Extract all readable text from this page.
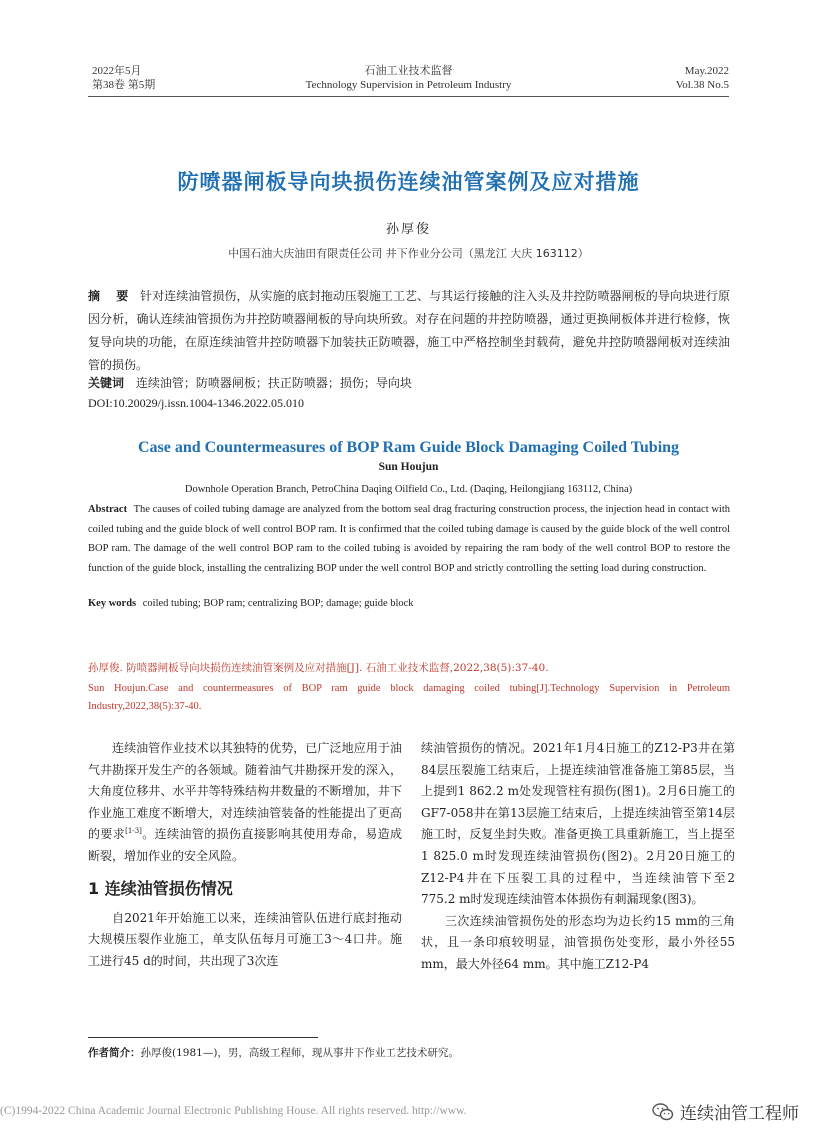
2022年5月
第38卷 第5期
石油工业技术监督
Technology Supervision in Petroleum Industry
May.2022
Vol.38 No.5
防喷器闸板导向块损伤连续油管案例及应对措施
孙厚俊
中国石油大庆油田有限责任公司 井下作业分公司（黑龙江 大庆 163112）
摘 要 针对连续油管损伤，从实施的底封拖动压裂施工工艺、与其运行接触的注入头及井控防喷器闸板的导向块进行原因分析，确认连续油管损伤为井控防喷器闸板的导向块所致。对存在问题的井控防喷器，通过更换闸板体并进行检修，恢复导向块的功能，在原连续油管井控防喷器下加装扶正防喷器，施工中严格控制坐封载荷，避免井控防喷器闸板对连续油管的损伤。
关键词 连续油管；防喷器闸板；扶正防喷器；损伤；导向块
DOI:10.20029/j.issn.1004-1346.2022.05.010
Case and Countermeasures of BOP Ram Guide Block Damaging Coiled Tubing
Sun Houjun
Downhole Operation Branch, PetroChina Daqing Oilfield Co., Ltd. (Daqing, Heilongjiang 163112, China)
Abstract The causes of coiled tubing damage are analyzed from the bottom seal drag fracturing construction process, the injection head in contact with coiled tubing and the guide block of well control BOP ram. It is confirmed that the coiled tubing damage is caused by the guide block of the well control BOP ram. The damage of the well control BOP ram to the coiled tubing is avoided by repairing the ram body of the well control BOP to restore the function of the guide block, installing the centralizing BOP under the well control BOP and strictly controlling the setting load during construction.
Key words coiled tubing; BOP ram; centralizing BOP; damage; guide block
孙厚俊. 防喷器闸板导向块损伤连续油管案例及应对措施[J]. 石油工业技术监督,2022,38(5):37-40.
Sun Houjun.Case and countermeasures of BOP ram guide block damaging coiled tubing[J].Technology Supervision in Petroleum Industry,2022,38(5):37-40.

连续油管作业技术以其独特的优势，已广泛地应用于油气井勘探开发生产的各领域。随着油气井勘探开发的深入，大角度位移井、水平井等特殊结构井数量的不断增加，井下作业施工难度不断增大，对连续油管装备的性能提出了更高的要求[1-3]。连续油管的损伤直接影响其使用寿命，易造成断裂，增加作业的安全风险。

1 连续油管损伤情况

自2021年开始施工以来，连续油管队伍进行底封拖动大规模压裂作业施工，单支队伍每月可施工3～4口井。施工进行45 d的时间，共出现了3次连

续油管损伤的情况。2021年1月4日施工的Z12-P3井在第84层压裂施工结束后，上提连续油管准备施工第85层，当上提到1 862.2 m处发现管柱有损伤(图1)。2月6日施工的GF7-058井在第13层施工结束后，上提连续油管至第14层施工时，反复坐封失败。准备更换工具重新施工，当上提至1 825.0 m时发现连续油管损伤(图2)。2月20日施工的Z12-P4井在下压裂工具的过程中，当连续油管下至2 775.2 m时发现连续油管本体损伤有刺漏现象(图3)。

三次连续油管损伤处的形态均为边长约15 mm的三角状，且一条印痕较明显，油管损伤处变形，最小外径55 mm，最大外径64 mm。其中施工Z12-P4

作者简介：孙厚俊(1981—)，男，高级工程师，现从事井下作业工艺技术研究。
(C)1994-2022 China Academic Journal Electronic Publishing House. All rights reserved. http://www.	连续油管工程师
